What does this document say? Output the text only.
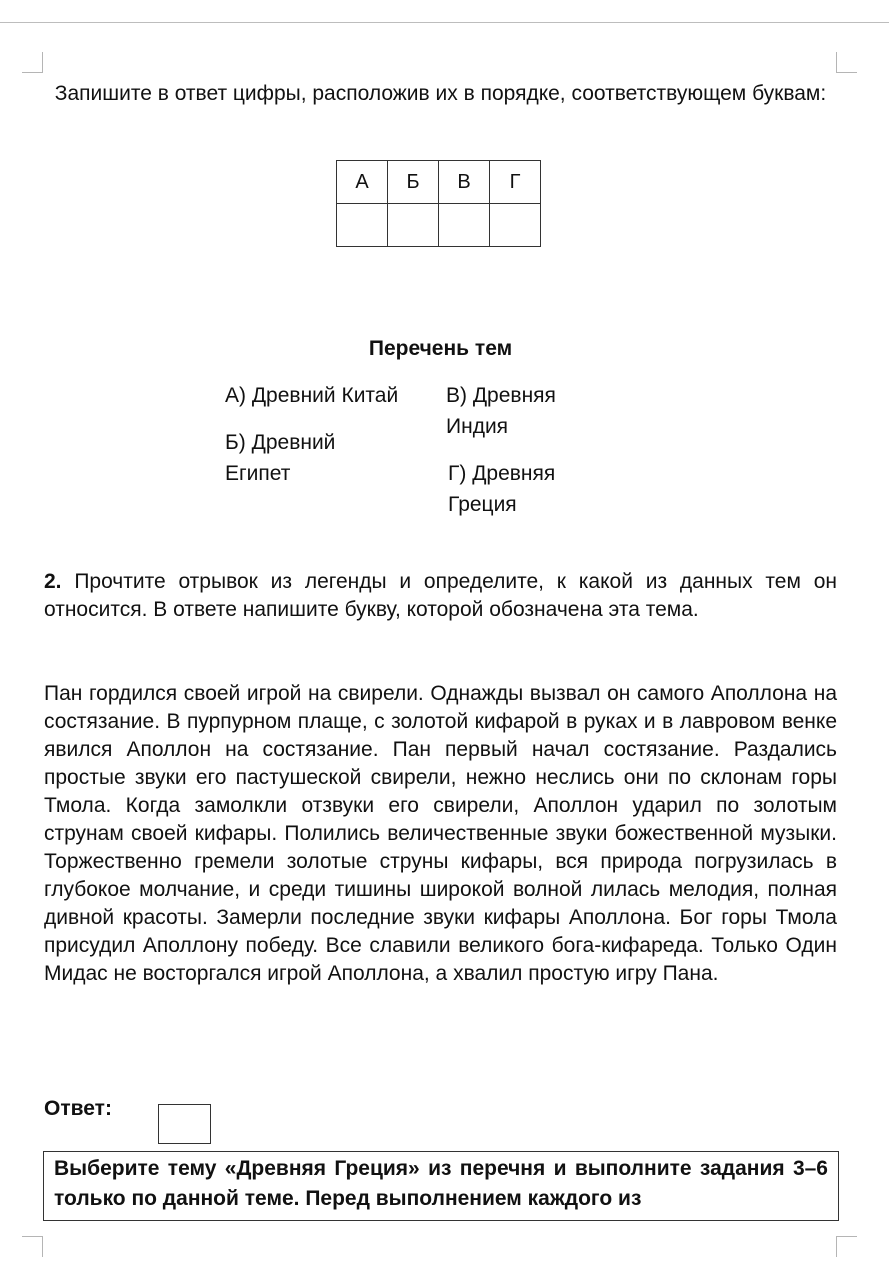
Запишите в ответ цифры, расположив их в порядке, соответствующем буквам:
А	Б	В	Г

Перечень тем
А) Древний Китай
Б) Древний Египет
В) Древняя Индия
Г) Древняя Греция
2. Прочтите отрывок из легенды и определите, к какой из данных тем он относится. В ответе напишите букву, которой обозначена эта тема.
Пан гордился своей игрой на свирели. Однажды вызвал он самого Аполлона на состязание. В пурпурном плаще, с золотой кифарой в руках и в лавровом венке явился Аполлон на состязание. Пан первый начал состязание. Раздались простые звуки его пастушеской свирели, нежно неслись они по склонам горы Тмола. Когда замолкли отзвуки его свирели, Аполлон ударил по золотым струнам своей кифары. Полились величественные звуки божественной музыки. Торжественно гремели золотые струны кифары, вся природа погрузилась в глубокое молчание, и среди тишины широкой волной лилась мелодия, полная дивной красоты. Замерли последние звуки кифары Аполлона. Бог горы Тмола присудил Аполлону победу. Все славили великого бога-кифареда. Только Один Мидас не восторгался игрой Аполлона, а хвалил простую игру Пана.
Ответ:
Выберите тему «Древняя Греция» из перечня и выполните задания 3–6 только по данной теме. Перед выполнением каждого из
